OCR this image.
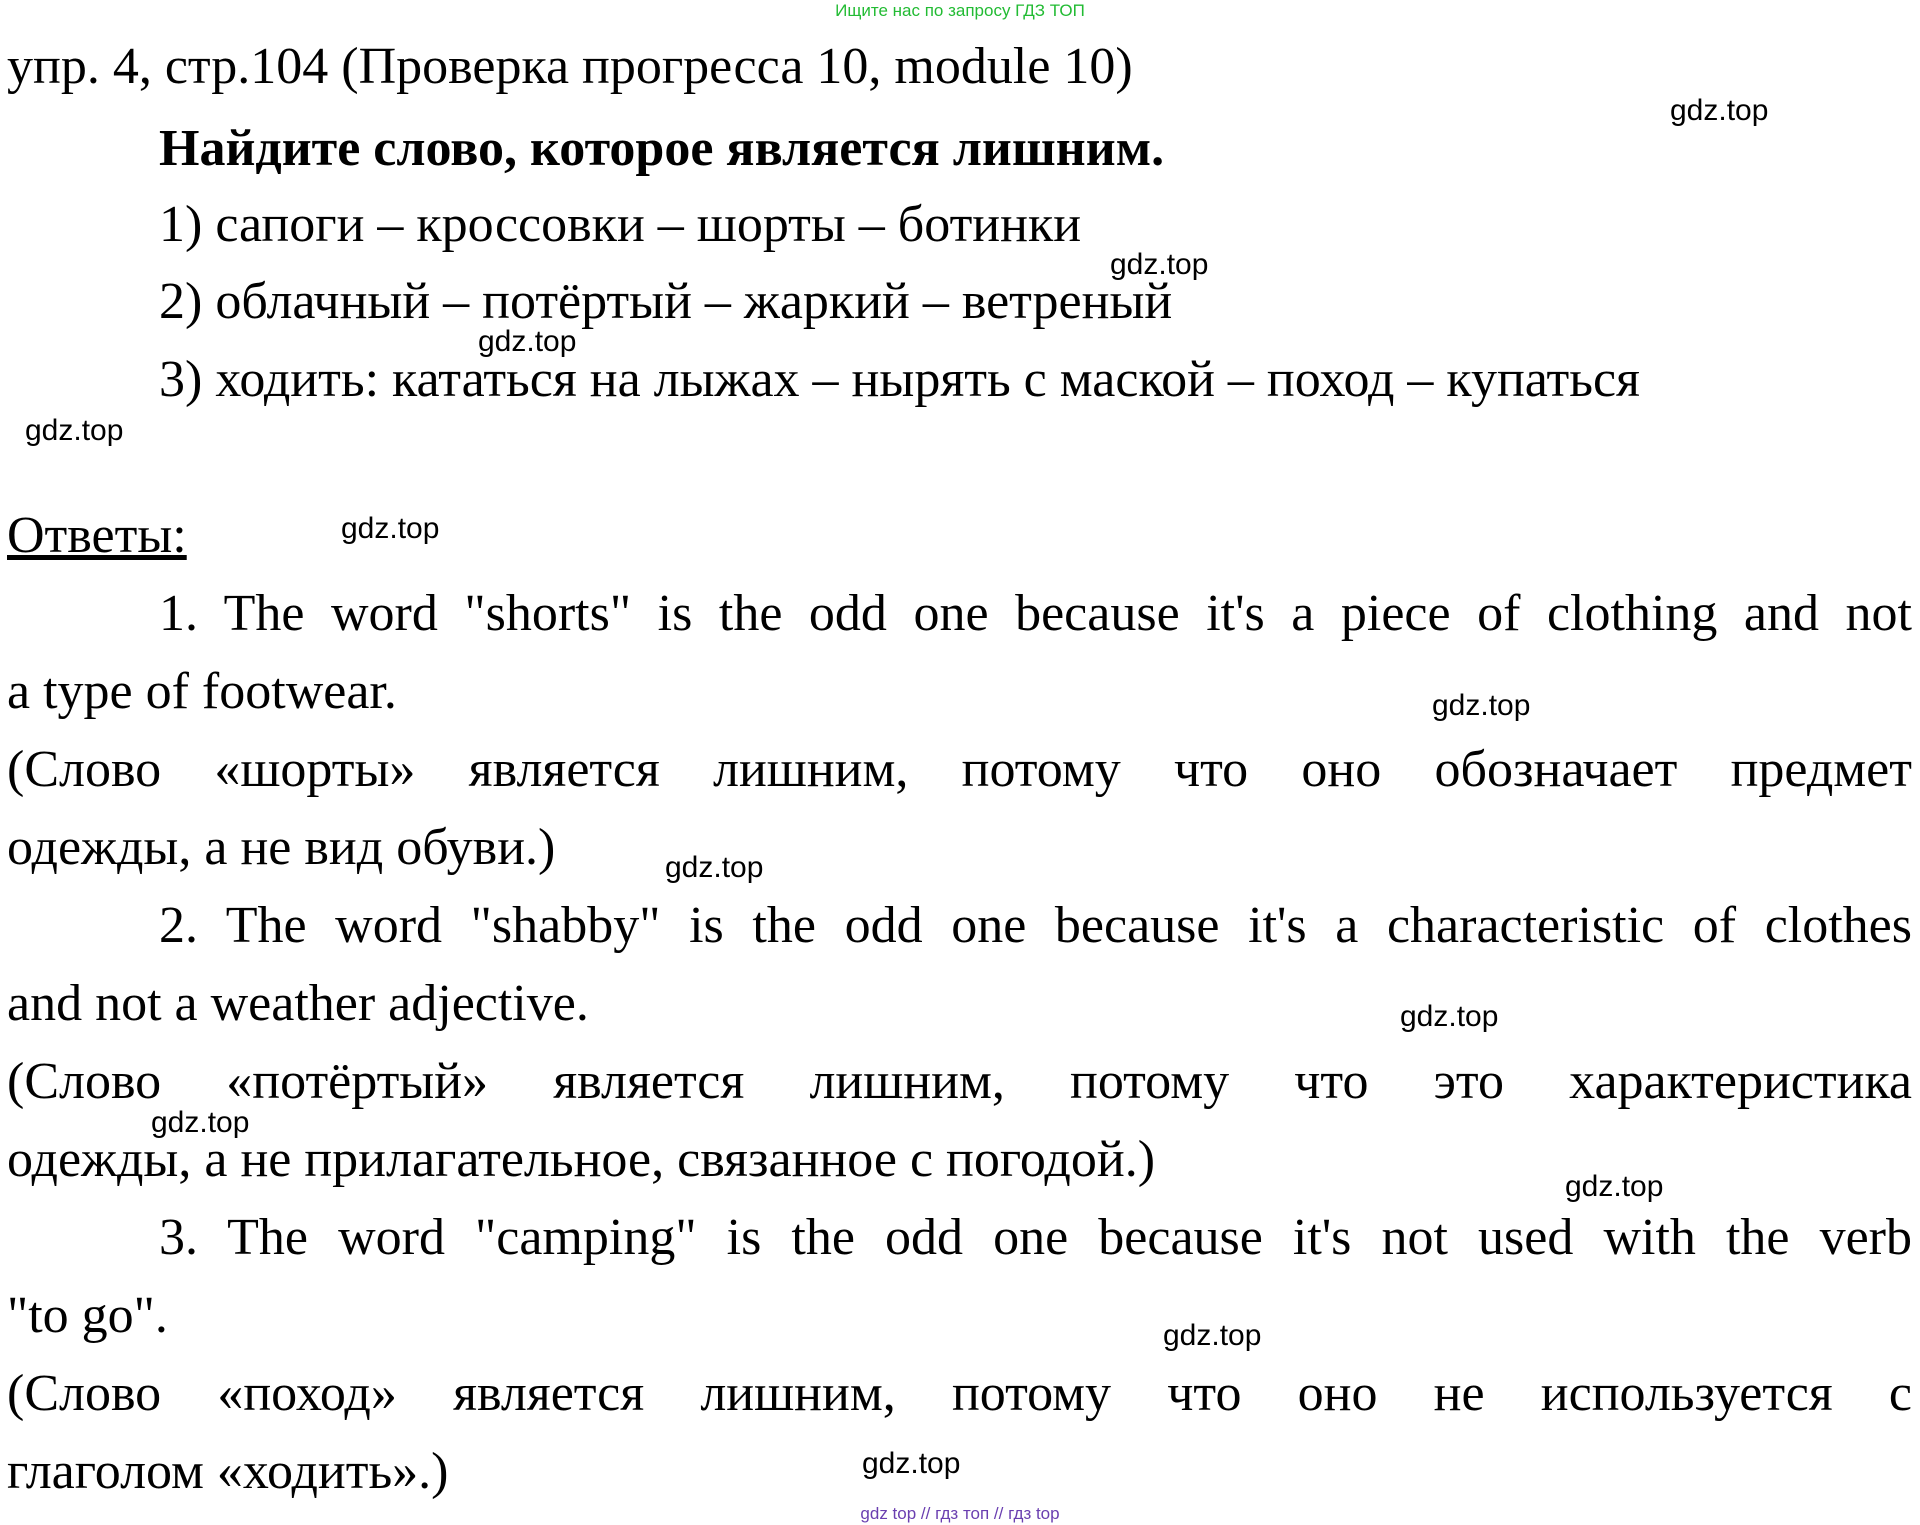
Ищите нас по запросу ГДЗ ТОП
упр. 4, стр.104 (Проверка прогресса 10, module 10)
Найдите слово, которое является лишним.
1) сапоги – кроссовки – шорты – ботинки
2) облачный – потёртый – жаркий – ветреный
3) ходить: кататься на лыжах – нырять с маской – поход – купаться
Ответы:
1. The word "shorts" is the odd one because it's a piece of clothing and not
a type of footwear.
(Слово «шорты» является лишним, потому что оно обозначает предмет
одежды, а не вид обуви.)
2. The word "shabby" is the odd one because it's a characteristic of clothes
and not a weather adjective.
(Слово «потёртый» является лишним, потому что это характеристика
одежды, а не прилагательное, связанное с погодой.)
3. The word "camping" is the odd one because it's not used with the verb
"to go".
(Слово «поход» является лишним, потому что оно не используется с
глаголом «ходить».)
gdz.top
gdz.top
gdz.top
gdz.top
gdz.top
gdz.top
gdz.top
gdz.top
gdz.top
gdz.top
gdz.top
gdz.top
gdz top // гдз топ // гдз top
